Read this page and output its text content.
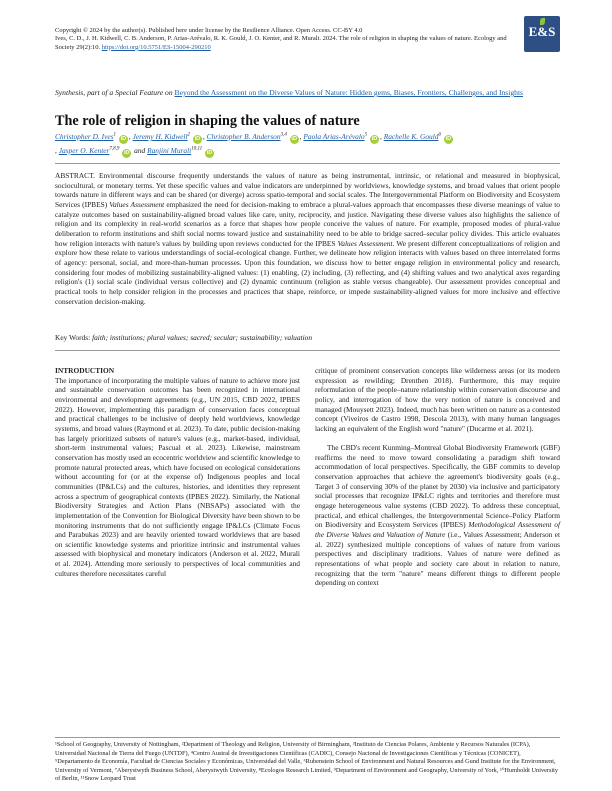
Copyright © 2024 by the author(s). Published here under license by the Resilience Alliance. Open Access. CC-BY 4.0
Ives, C. D., J. H. Kidwell, C. B. Anderson, P. Arias-Arévalo, R. K. Gould, J. O. Kenter, and R. Murali. 2024. The role of religion in shaping the values of nature. Ecology and Society 29(2):10. https://doi.org/10.5751/ES-15004-290210
E&S
Synthesis, part of a Special Feature on Beyond the Assessment on the Diverse Values of Nature: Hidden gems, Biases, Frontiers, Challenges, and Insights
The role of religion in shaping the values of nature
Christopher D. Ives$^1$ iD , Jeremy H. Kidwell$^2$ iD , Christopher B. Anderson$^{3,4}$ iD , Paola Arias-Arévalo$^5$ iD , Rachelle K. Gould$^6$ iD
, Jasper O. Kenter$^{7,8,9}$ iD and Ranjini Murali$^{10,11}$ iD
ABSTRACT. Environmental discourse frequently understands the values of nature as being instrumental, intrinsic, or relational and measured in biophysical, sociocultural, or monetary terms. Yet these specific values and value indicators are underpinned by worldviews, knowledge systems, and broad values that orient people towards nature in different ways and can be shared (or diverge) across spatio-temporal and social scales. The Intergovernmental Platform on Biodiversity and Ecosystem Services (IPBES) Values Assessment emphasized the need for decision-making to embrace a plural-values approach that encompasses these diverse meanings of value to catalyze outcomes based on sustainability-aligned broad values like care, unity, reciprocity, and justice. Navigating these diverse values also highlights the salience of religion and its complexity in real-world scenarios as a force that shapes how people conceive the values of nature. For example, proposed modes of plural-value deliberation to reform institutions and shift social norms toward justice and sustainability need to be able to bridge sacred–secular policy divides. This article evaluates how religion interacts with nature's values by building upon reviews conducted for the IPBES Values Assessment. We present different conceptualizations of religion and explore how these relate to various understandings of social-ecological change. Further, we delineate how religion interacts with values based on three interrelated forms of agency: personal, social, and more-than-human processes. Upon this foundation, we discuss how to better engage religion in environmental policy and research, considering four modes of mobilizing sustainability-aligned values: (1) enabling, (2) including, (3) reflecting, and (4) shifting values and two analytical axes regarding religion's (1) social scale (individual versus collective) and (2) dynamic continuum (religion as stable versus changeable). Our assessment provides conceptual and practical tools to help consider religion in the processes and practices that shape, reinforce, or impede sustainability-aligned values for more inclusive and effective conservation decision-making.
Key Words: faith; institutions; plural values; sacred; secular; sustainability; valuation

INTRODUCTION

The importance of incorporating the multiple values of nature to achieve more just and sustainable conservation outcomes has been recognized in international environmental and development agreements (e.g., UN 2015, CBD 2022, IPBES 2022). However, implementing this paradigm of conservation faces conceptual and practical challenges to be inclusive of deeply held worldviews, knowledge systems, and broad values (Raymond et al. 2023). To date, public decision-making has largely prioritized subsets of nature's values (e.g., market-based, individual, short-term instrumental values; Pascual et al. 2023). Likewise, mainstream conservation has mostly used an ecocentric worldview and scientific knowledge to promote natural protected areas, which have focused on ecological considerations without accounting for (or at the expense of) Indigenous peoples and local communities (IP&LCs) and the cultures, histories, and identities they represent across a spectrum of geographical contexts (IPBES 2022). Similarly, the National Biodiversity Strategies and Action Plans (NBSAPs) associated with the implementation of the Convention for Biological Diversity have been shown to be monitoring instruments that do not sufficiently engage IP&LCs (Climate Focus and Parabukas 2023) and are heavily oriented toward worldviews that are based on scientific knowledge systems and prioritize intrinsic and instrumental values assessed with biophysical and monetary indicators (Anderson et al. 2022, Murali et al. 2024). Attending more seriously to perspectives of local communities and cultures therefore necessitates careful

critique of prominent conservation concepts like wilderness areas (or its modern expression as rewilding; Drenthen 2018). Furthermore, this may require reformulation of the people–nature relationship within conservation discourse and policy, and interrogation of how the very notion of nature is conceived and managed (Mouysett 2023). Indeed, much has been written on nature as a contested concept (Viveiros de Castro 1998, Descola 2013), with many human languages lacking an equivalent of the English word "nature" (Ducarme et al. 2021).

The CBD's recent Kunming–Montreal Global Biodiversity Framework (GBF) reaffirms the need to move toward consolidating a paradigm shift toward accommodation of local perspectives. Specifically, the GBF commits to develop conservation approaches that achieve the agreement's biodiversity goals (e.g., Target 3 of conserving 30% of the planet by 2030) via inclusive and participatory social processes that recognize IP&LC rights and territories and therefore must engage heterogeneous value systems (CBD 2022). To address these conceptual, practical, and ethical challenges, the Intergovernmental Science–Policy Platform on Biodiversity and Ecosystem Services (IPBES) Methodological Assessment of the Diverse Values and Valuation of Nature (i.e., Values Assessment; Anderson et al. 2022) synthesized multiple conceptions of values of nature from various perspectives and disciplinary traditions. Values of nature were defined as representations of what people and society care about in relation to nature, recognizing that the term "nature" means different things to different people depending on context

¹School of Geography, University of Nottingham, ²Department of Theology and Religion, University of Birmingham, ³Instituto de Ciencias Polares, Ambiente y Recursos Naturales (ICPA), Universidad Nacional de Tierra del Fuego (UNTDF), ⁴Centro Austral de Investigaciones Científicas (CADIC), Consejo Nacional de Investigaciones Científicas y Técnicas (CONICET), ⁵Departamento de Economía, Facultad de Ciencias Sociales y Económicas, Universidad del Valle, ⁶Rubenstein School of Environment and Natural Resources and Gund Institute for the Environment, University of Vermont, ⁷Aberystwyth Business School, Aberystwyth University, ⁸Ecologos Research Limited, ⁹Department of Environment and Geography, University of York, ¹⁰Humboldt University of Berlin, ¹¹Snow Leopard Trust
